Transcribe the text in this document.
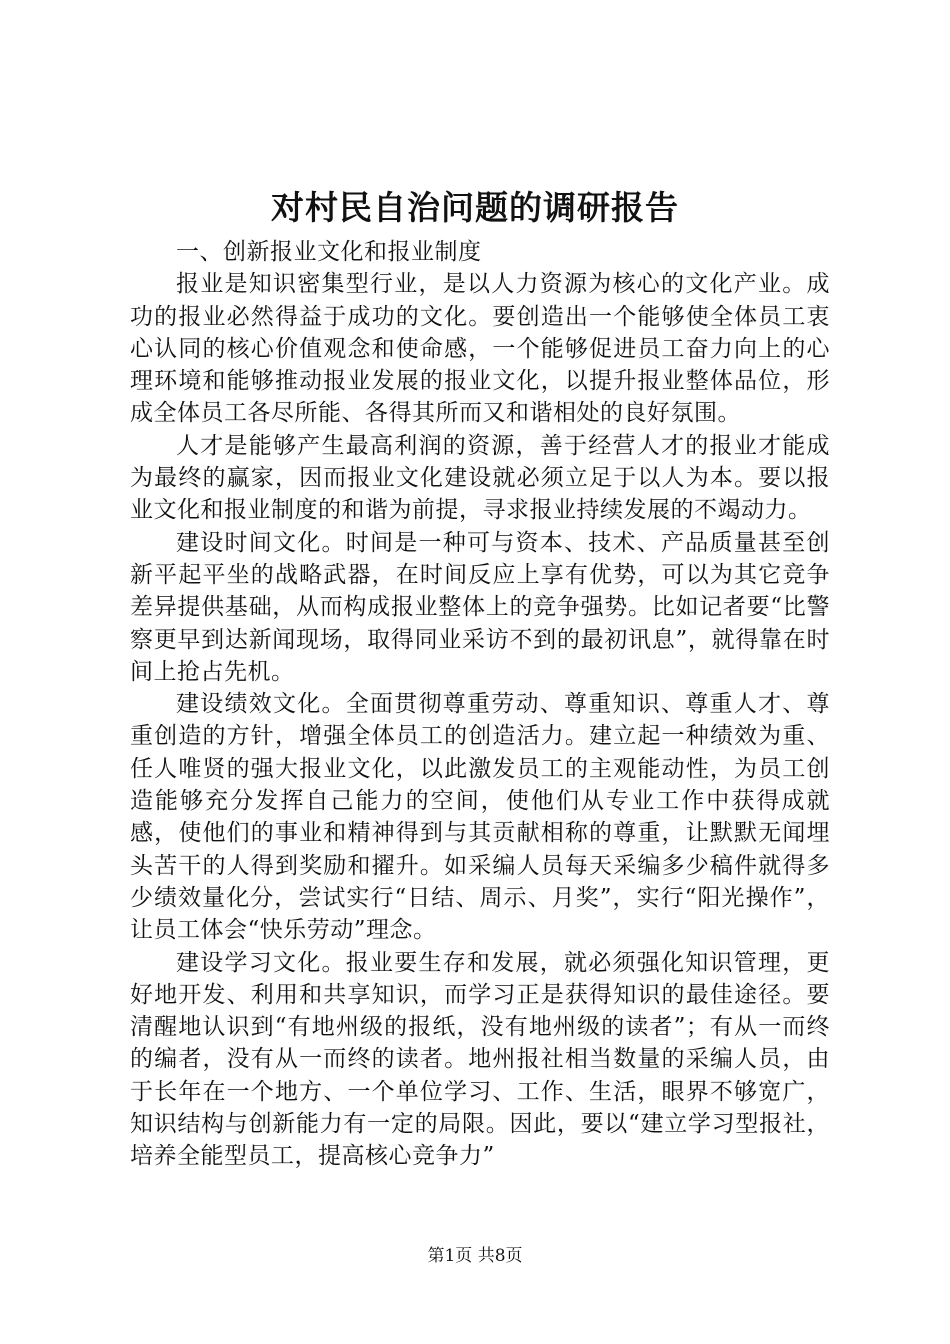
对村民自治问题的调研报告

一、创新报业文化和报业制度

报业是知识密集型行业，是以人力资源为核心的文化产业。成功的报业必然得益于成功的文化。要创造出一个能够使全体员工衷心认同的核心价值观念和使命感，一个能够促进员工奋力向上的心理环境和能够推动报业发展的报业文化，以提升报业整体品位，形成全体员工各尽所能、各得其所而又和谐相处的良好氛围。

人才是能够产生最高利润的资源，善于经营人才的报业才能成为最终的赢家，因而报业文化建设就必须立足于以人为本。要以报业文化和报业制度的和谐为前提，寻求报业持续发展的不竭动力。

建设时间文化。时间是一种可与资本、技术、产品质量甚至创新平起平坐的战略武器，在时间反应上享有优势，可以为其它竞争差异提供基础，从而构成报业整体上的竞争强势。比如记者要“比警察更早到达新闻现场，取得同业采访不到的最初讯息”，就得靠在时间上抢占先机。

建设绩效文化。全面贯彻尊重劳动、尊重知识、尊重人才、尊重创造的方针，增强全体员工的创造活力。建立起一种绩效为重、任人唯贤的强大报业文化，以此激发员工的主观能动性，为员工创造能够充分发挥自己能力的空间，使他们从专业工作中获得成就感，使他们的事业和精神得到与其贡献相称的尊重，让默默无闻埋头苦干的人得到奖励和擢升。如采编人员每天采编多少稿件就得多少绩效量化分，尝试实行“日结、周示、月奖”，实行“阳光操作”，让员工体会“快乐劳动”理念。

建设学习文化。报业要生存和发展，就必须强化知识管理，更好地开发、利用和共享知识，而学习正是获得知识的最佳途径。要清醒地认识到“有地州级的报纸，没有地州级的读者”；有从一而终的编者，没有从一而终的读者。地州报社相当数量的采编人员，由于长年在一个地方、一个单位学习、工作、生活，眼界不够宽广，知识结构与创新能力有一定的局限。因此，要以“建立学习型报社，培养全能型员工，提高核心竞争力”

第1页 共8页
